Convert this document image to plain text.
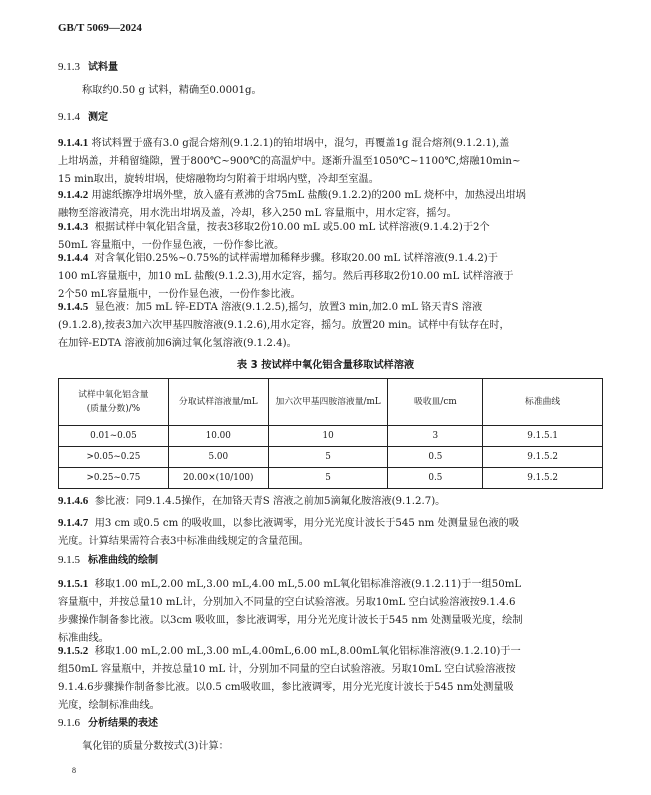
GB/T 5069—2024
9.1.3 试料量
称取约0.50 g 试料，精确至0.0001g。
9.1.4 测定
9.1.4.1 将试料置于盛有3.0 g混合熔剂(9.1.2.1)的铂坩埚中，混匀，再覆盖1g 混合熔剂(9.1.2.1),盖
上坩埚盖，并稍留缝隙，置于800℃~900℃的高温炉中。逐渐升温至1050℃~1100℃,熔融10min~
15 min取出，旋转坩埚，使熔融物均匀附着于坩埚内壁，冷却至室温。
9.1.4.2 用滤纸擦净坩埚外壁，放入盛有煮沸的含75mL 盐酸(9.1.2.2)的200 mL 烧杯中，加热浸出坩埚
融物至溶液清亮，用水洗出坩埚及盖，冷却，移入250 mL 容量瓶中，用水定容，摇匀。
9.1.4.3 根据试样中氧化铝含量，按表3移取2份10.00 mL 或5.00 mL 试样溶液(9.1.4.2)于2个
50mL 容量瓶中，一份作显色液，一份作参比液。
9.1.4.4 对含氧化铝0.25%~0.75%的试样需增加稀释步骤。移取20.00 mL 试样溶液(9.1.4.2)于
100 mL容量瓶中，加10 mL 盐酸(9.1.2.3),用水定容，摇匀。然后再移取2份10.00 mL 试样溶液于
2个50 mL容量瓶中，一份作显色液，一份作参比液。
9.1.4.5 显色液：加5 mL 锌-EDTA 溶液(9.1.2.5),摇匀，放置3 min,加2.0 mL 铬天青S 溶液
(9.1.2.8),按表3加六次甲基四胺溶液(9.1.2.6),用水定容，摇匀。放置20 min。试样中有钛存在时，
在加锌-EDTA 溶液前加6滴过氧化氢溶液(9.1.2.4)。
表 3 按试样中氧化铝含量移取试样溶液
试样中氧化铝含量
(质量分数)/%	分取试样溶液量/mL	加六次甲基四胺溶液量/mL	吸收皿/cm	标准曲线
0.01~0.05	10.00	10	3	9.1.5.1
>0.05~0.25	5.00	5	0.5	9.1.5.2
>0.25~0.75	20.00×(10/100)	5	0.5	9.1.5.2
9.1.4.6 参比液：同9.1.4.5操作，在加铬天青S 溶液之前加5滴氟化胺溶液(9.1.2.7)。
9.1.4.7 用3 cm 或0.5 cm 的吸收皿，以参比液调零，用分光光度计波长于545 nm 处测量显色液的吸
光度。计算结果需符合表3中标准曲线规定的含量范围。
9.1.5 标准曲线的绘制
9.1.5.1 移取1.00 mL,2.00 mL,3.00 mL,4.00 mL,5.00 mL氧化铝标准溶液(9.1.2.11)于一组50mL
容量瓶中，并按总量10 mL计，分别加入不同量的空白试验溶液。另取10mL 空白试验溶液按9.1.4.6
步骤操作制备参比液。以3cm 吸收皿，参比液调零，用分光光度计波长于545 nm 处测量吸光度，绘制
标准曲线。
9.1.5.2 移取1.00 mL,2.00 mL,3.00 mL,4.00mL,6.00 mL,8.00mL氧化铝标准溶液(9.1.2.10)于一
组50mL 容量瓶中，并按总量10 mL 计，分别加不同量的空白试验溶液。另取10mL 空白试验溶液按
9.1.4.6步骤操作制备参比液。以0.5 cm吸收皿，参比液调零，用分光光度计波长于545 nm处测量吸
光度，绘制标准曲线。
9.1.6 分析结果的表述
氧化铝的质量分数按式(3)计算：
8
